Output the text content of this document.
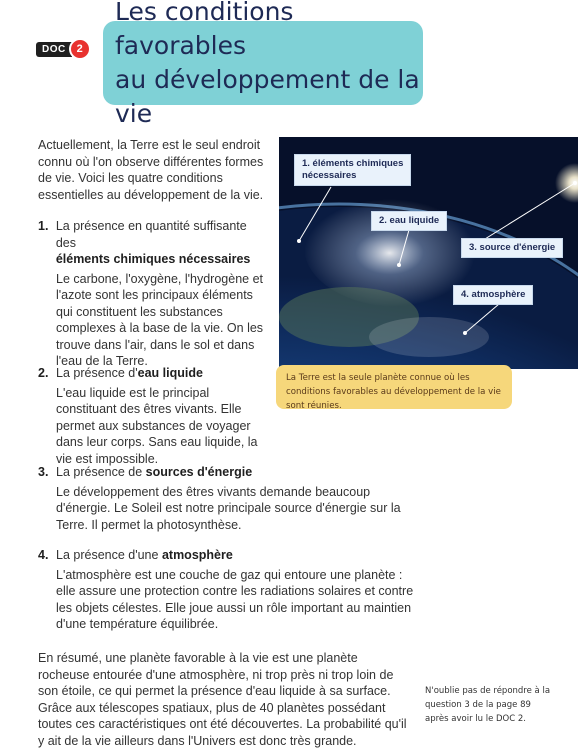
DOC 2
Les conditions favorables
au développement de la vie
Actuellement, la Terre est le seul endroit connu où l'on observe différentes formes de vie. Voici les quatre conditions essentielles au développement de la vie.
1. La présence en quantité suffisante des
éléments chimiques nécessaires
Le carbone, l'oxygène, l'hydrogène et l'azote sont les principaux éléments qui constituent les substances complexes à la base de la vie. On les trouve dans l'air, dans le sol et dans l'eau de la Terre.
2. La présence d'eau liquide
L'eau liquide est le principal constituant des êtres vivants. Elle permet aux substances de voyager dans leur corps. Sans eau liquide, la vie est impossible.
3. La présence de sources d'énergie
Le développement des êtres vivants demande beaucoup d'énergie. Le Soleil est notre principale source d'énergie sur la Terre. Il permet la photosynthèse.
4. La présence d'une atmosphère
L'atmosphère est une couche de gaz qui entoure une planète : elle assure une protection contre les radiations solaires et contre les objets célestes. Elle joue aussi un rôle important au maintien d'une température équilibrée.
En résumé, une planète favorable à la vie est une planète rocheuse entourée d'une atmosphère, ni trop près ni trop loin de son étoile, ce qui permet la présence d'eau liquide à sa surface. Grâce aux télescopes spatiaux, plus de 40 planètes possédant toutes ces caractéristiques ont été découvertes. La probabilité qu'il y ait de la vie ailleurs dans l'Univers est donc très grande.
1. éléments chimiques
nécessaires
2. eau liquide
3. source d'énergie
4. atmosphère
La Terre est la seule planète connue où les conditions favorables au développement de la vie sont réunies.
N'oublie pas de répondre à la question 3 de la page 89 après avoir lu le DOC 2.
